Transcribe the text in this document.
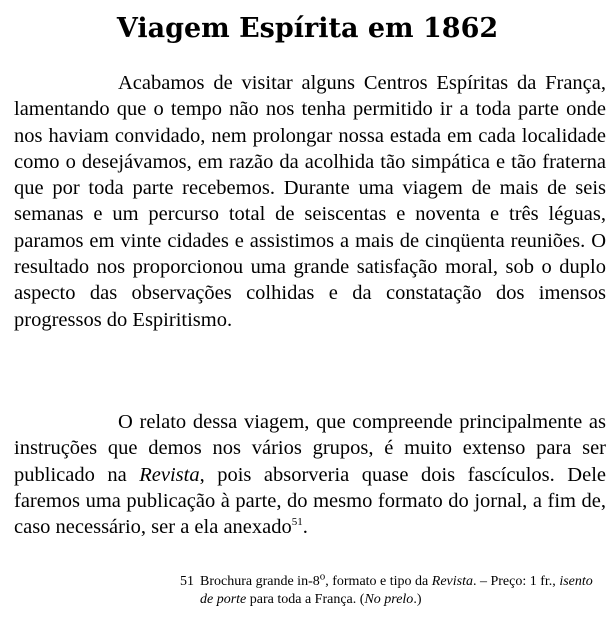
Viagem Espírita em 1862

Acabamos de visitar alguns Centros Espíritas da França, lamentando que o tempo não nos tenha permitido ir a toda parte onde nos haviam convidado, nem prolongar nossa estada em cada localidade como o desejávamos, em razão da acolhida tão simpática e tão fraterna que por toda parte recebemos. Durante uma viagem de mais de seis semanas e um percurso total de seiscentas e noventa e três léguas, paramos em vinte cidades e assistimos a mais de cinqüenta reuniões. O resultado nos proporcionou uma grande satisfação moral, sob o duplo aspecto das observações colhidas e da constatação dos imensos progressos do Espiritismo.

O relato dessa viagem, que compreende principalmente as instruções que demos nos vários grupos, é muito extenso para ser publicado na Revista, pois absorveria quase dois fascículos. Dele faremos uma publicação à parte, do mesmo formato do jornal, a fim de, caso necessário, ser a ela anexado$^{51}$.

51 Brochura grande in-8$^o$, formato e tipo da Revista. – Preço: 1 fr., isento
de porte para toda a França. (No prelo.)
